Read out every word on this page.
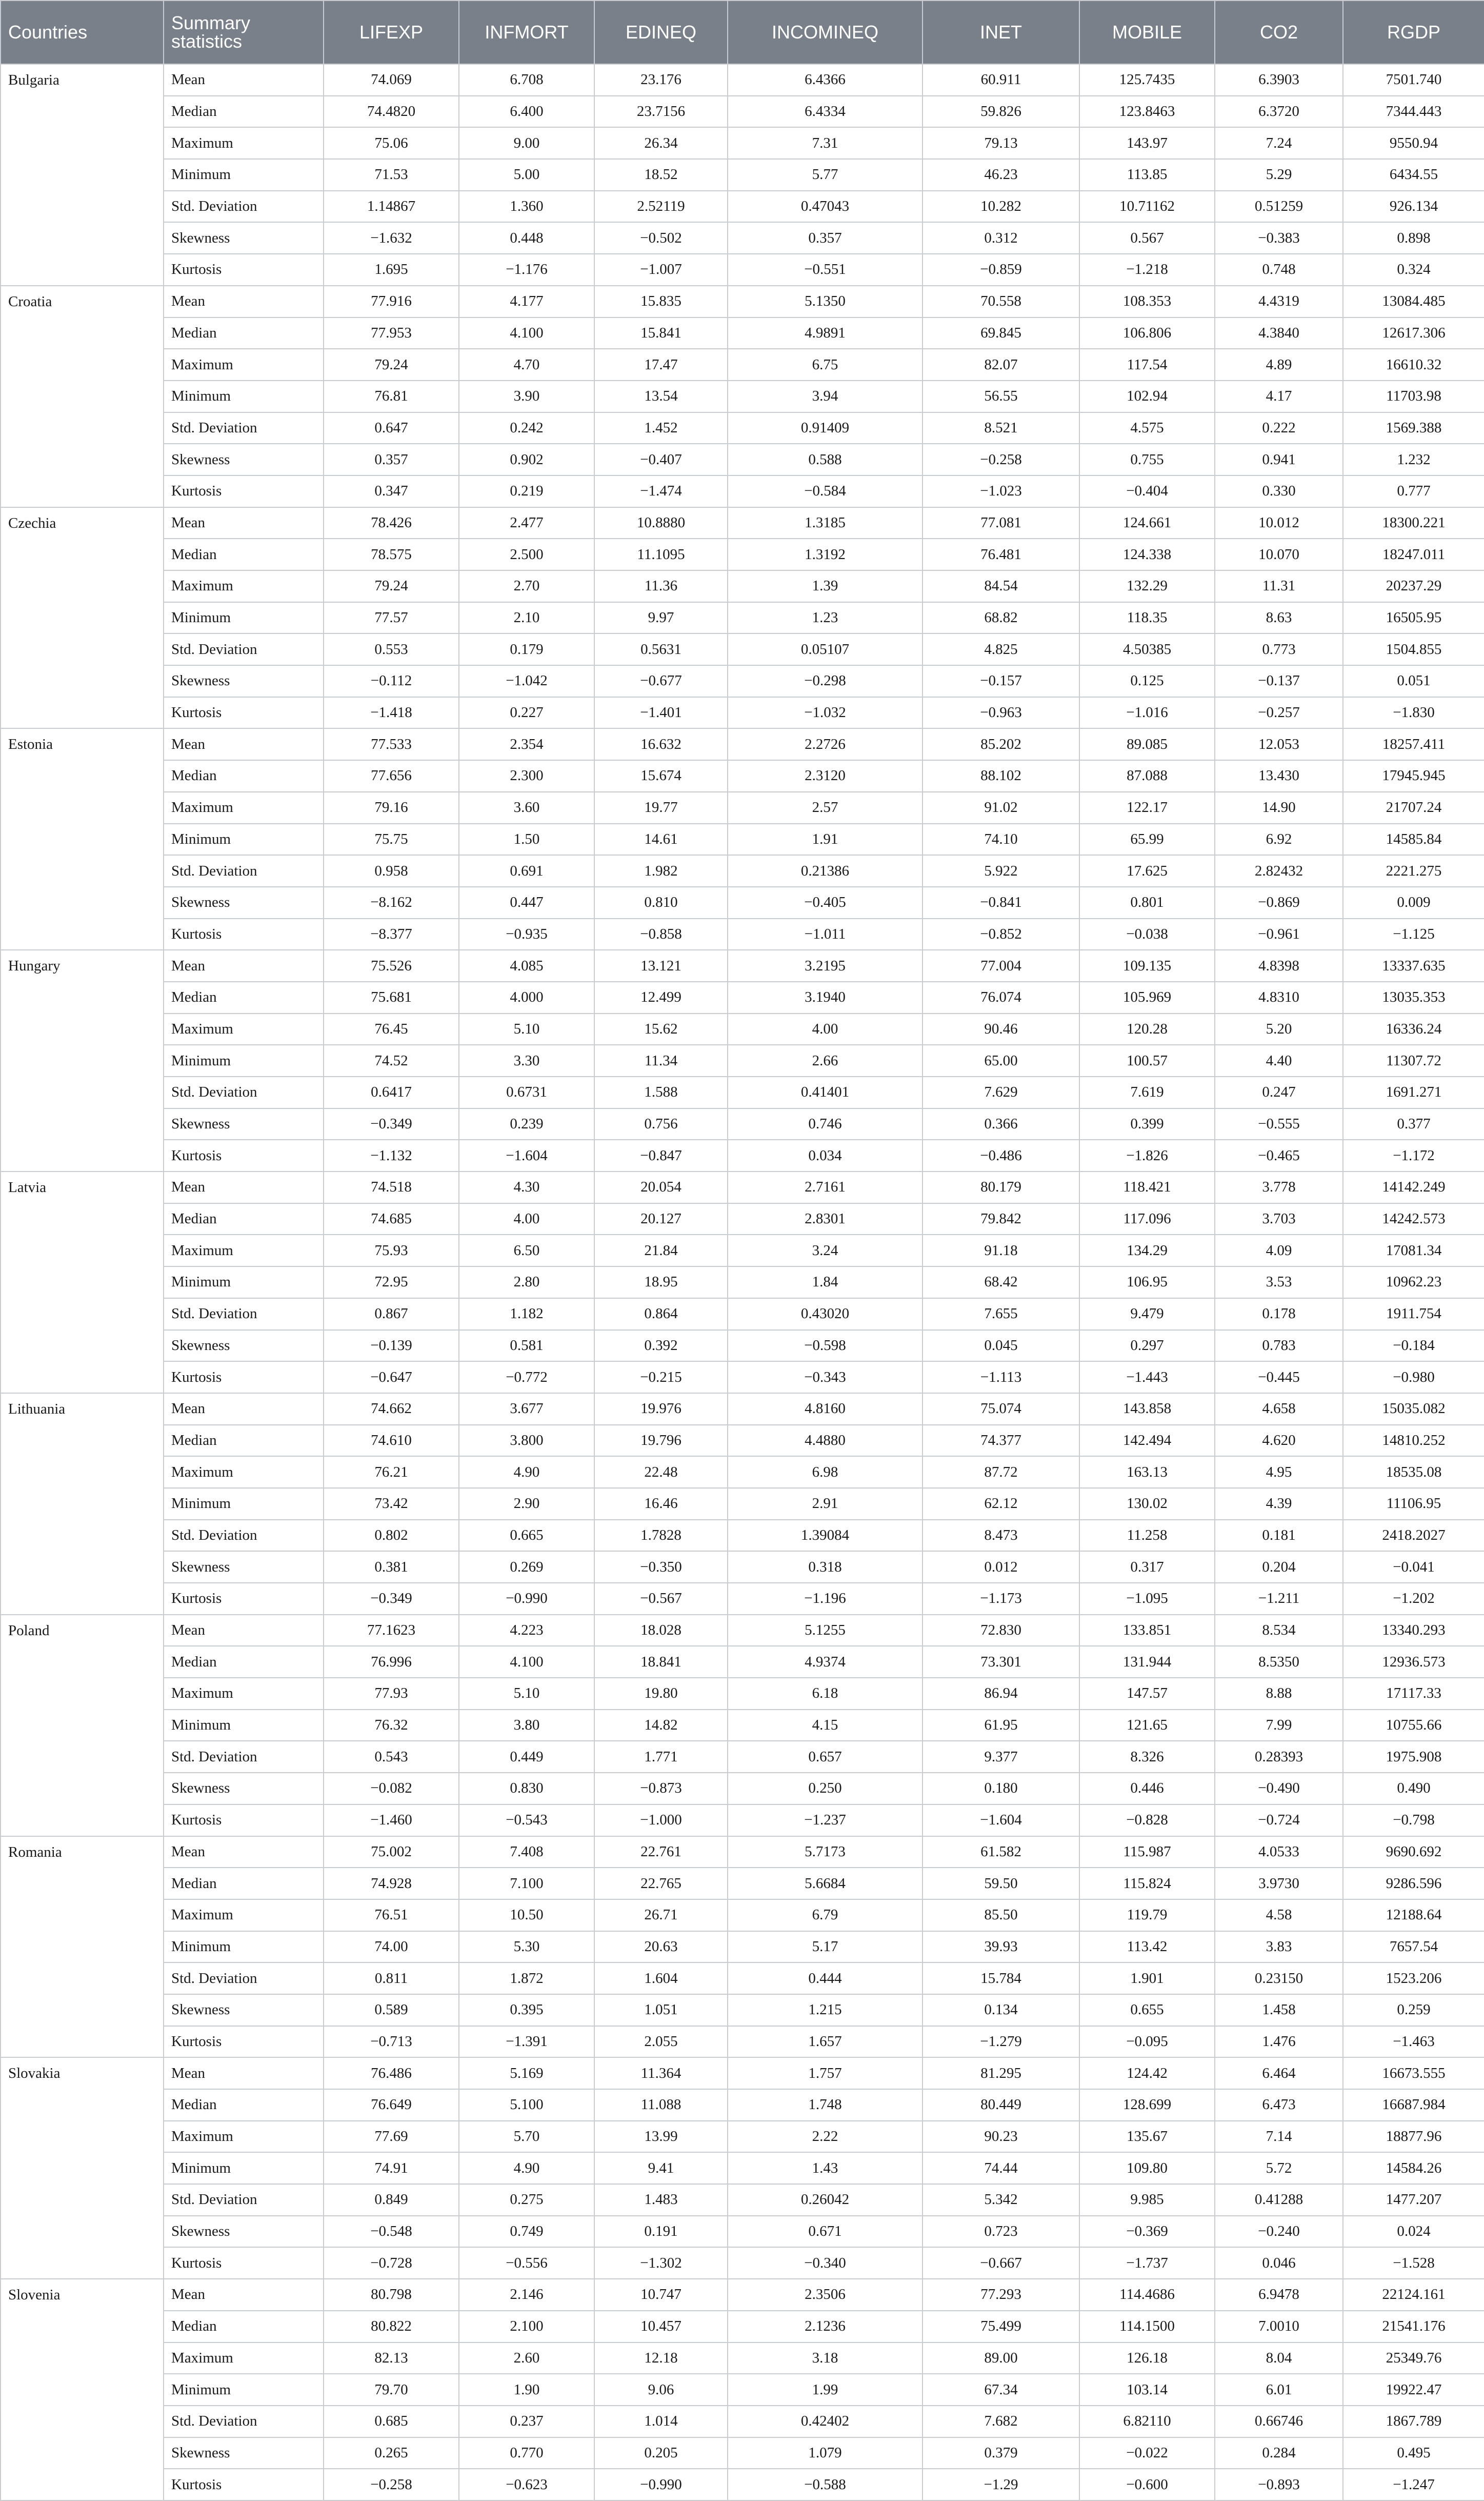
Countries	Summary statistics	LIFEXP	INFMORT	EDINEQ	INCOMINEQ	INET	MOBILE	CO2	RGDP
Bulgaria	Mean	74.069	6.708	23.176	6.4366	60.911	125.7435	6.3903	7501.740
	Median	74.4820	6.400	23.7156	6.4334	59.826	123.8463	6.3720	7344.443
	Maximum	75.06	9.00	26.34	7.31	79.13	143.97	7.24	9550.94
	Minimum	71.53	5.00	18.52	5.77	46.23	113.85	5.29	6434.55
	Std. Deviation	1.14867	1.360	2.52119	0.47043	10.282	10.71162	0.51259	926.134
	Skewness	−1.632	0.448	−0.502	0.357	0.312	0.567	−0.383	0.898
	Kurtosis	1.695	−1.176	−1.007	−0.551	−0.859	−1.218	0.748	0.324
Croatia	Mean	77.916	4.177	15.835	5.1350	70.558	108.353	4.4319	13084.485
	Median	77.953	4.100	15.841	4.9891	69.845	106.806	4.3840	12617.306
	Maximum	79.24	4.70	17.47	6.75	82.07	117.54	4.89	16610.32
	Minimum	76.81	3.90	13.54	3.94	56.55	102.94	4.17	11703.98
	Std. Deviation	0.647	0.242	1.452	0.91409	8.521	4.575	0.222	1569.388
	Skewness	0.357	0.902	−0.407	0.588	−0.258	0.755	0.941	1.232
	Kurtosis	0.347	0.219	−1.474	−0.584	−1.023	−0.404	0.330	0.777
Czechia	Mean	78.426	2.477	10.8880	1.3185	77.081	124.661	10.012	18300.221
	Median	78.575	2.500	11.1095	1.3192	76.481	124.338	10.070	18247.011
	Maximum	79.24	2.70	11.36	1.39	84.54	132.29	11.31	20237.29
	Minimum	77.57	2.10	9.97	1.23	68.82	118.35	8.63	16505.95
	Std. Deviation	0.553	0.179	0.5631	0.05107	4.825	4.50385	0.773	1504.855
	Skewness	−0.112	−1.042	−0.677	−0.298	−0.157	0.125	−0.137	0.051
	Kurtosis	−1.418	0.227	−1.401	−1.032	−0.963	−1.016	−0.257	−1.830
Estonia	Mean	77.533	2.354	16.632	2.2726	85.202	89.085	12.053	18257.411
	Median	77.656	2.300	15.674	2.3120	88.102	87.088	13.430	17945.945
	Maximum	79.16	3.60	19.77	2.57	91.02	122.17	14.90	21707.24
	Minimum	75.75	1.50	14.61	1.91	74.10	65.99	6.92	14585.84
	Std. Deviation	0.958	0.691	1.982	0.21386	5.922	17.625	2.82432	2221.275
	Skewness	−8.162	0.447	0.810	−0.405	−0.841	0.801	−0.869	0.009
	Kurtosis	−8.377	−0.935	−0.858	−1.011	−0.852	−0.038	−0.961	−1.125
Hungary	Mean	75.526	4.085	13.121	3.2195	77.004	109.135	4.8398	13337.635
	Median	75.681	4.000	12.499	3.1940	76.074	105.969	4.8310	13035.353
	Maximum	76.45	5.10	15.62	4.00	90.46	120.28	5.20	16336.24
	Minimum	74.52	3.30	11.34	2.66	65.00	100.57	4.40	11307.72
	Std. Deviation	0.6417	0.6731	1.588	0.41401	7.629	7.619	0.247	1691.271
	Skewness	−0.349	0.239	0.756	0.746	0.366	0.399	−0.555	0.377
	Kurtosis	−1.132	−1.604	−0.847	0.034	−0.486	−1.826	−0.465	−1.172
Latvia	Mean	74.518	4.30	20.054	2.7161	80.179	118.421	3.778	14142.249
	Median	74.685	4.00	20.127	2.8301	79.842	117.096	3.703	14242.573
	Maximum	75.93	6.50	21.84	3.24	91.18	134.29	4.09	17081.34
	Minimum	72.95	2.80	18.95	1.84	68.42	106.95	3.53	10962.23
	Std. Deviation	0.867	1.182	0.864	0.43020	7.655	9.479	0.178	1911.754
	Skewness	−0.139	0.581	0.392	−0.598	0.045	0.297	0.783	−0.184
	Kurtosis	−0.647	−0.772	−0.215	−0.343	−1.113	−1.443	−0.445	−0.980
Lithuania	Mean	74.662	3.677	19.976	4.8160	75.074	143.858	4.658	15035.082
	Median	74.610	3.800	19.796	4.4880	74.377	142.494	4.620	14810.252
	Maximum	76.21	4.90	22.48	6.98	87.72	163.13	4.95	18535.08
	Minimum	73.42	2.90	16.46	2.91	62.12	130.02	4.39	11106.95
	Std. Deviation	0.802	0.665	1.7828	1.39084	8.473	11.258	0.181	2418.2027
	Skewness	0.381	0.269	−0.350	0.318	0.012	0.317	0.204	−0.041
	Kurtosis	−0.349	−0.990	−0.567	−1.196	−1.173	−1.095	−1.211	−1.202
Poland	Mean	77.1623	4.223	18.028	5.1255	72.830	133.851	8.534	13340.293
	Median	76.996	4.100	18.841	4.9374	73.301	131.944	8.5350	12936.573
	Maximum	77.93	5.10	19.80	6.18	86.94	147.57	8.88	17117.33
	Minimum	76.32	3.80	14.82	4.15	61.95	121.65	7.99	10755.66
	Std. Deviation	0.543	0.449	1.771	0.657	9.377	8.326	0.28393	1975.908
	Skewness	−0.082	0.830	−0.873	0.250	0.180	0.446	−0.490	0.490
	Kurtosis	−1.460	−0.543	−1.000	−1.237	−1.604	−0.828	−0.724	−0.798
Romania	Mean	75.002	7.408	22.761	5.7173	61.582	115.987	4.0533	9690.692
	Median	74.928	7.100	22.765	5.6684	59.50	115.824	3.9730	9286.596
	Maximum	76.51	10.50	26.71	6.79	85.50	119.79	4.58	12188.64
	Minimum	74.00	5.30	20.63	5.17	39.93	113.42	3.83	7657.54
	Std. Deviation	0.811	1.872	1.604	0.444	15.784	1.901	0.23150	1523.206
	Skewness	0.589	0.395	1.051	1.215	0.134	0.655	1.458	0.259
	Kurtosis	−0.713	−1.391	2.055	1.657	−1.279	−0.095	1.476	−1.463
Slovakia	Mean	76.486	5.169	11.364	1.757	81.295	124.42	6.464	16673.555
	Median	76.649	5.100	11.088	1.748	80.449	128.699	6.473	16687.984
	Maximum	77.69	5.70	13.99	2.22	90.23	135.67	7.14	18877.96
	Minimum	74.91	4.90	9.41	1.43	74.44	109.80	5.72	14584.26
	Std. Deviation	0.849	0.275	1.483	0.26042	5.342	9.985	0.41288	1477.207
	Skewness	−0.548	0.749	0.191	0.671	0.723	−0.369	−0.240	0.024
	Kurtosis	−0.728	−0.556	−1.302	−0.340	−0.667	−1.737	0.046	−1.528
Slovenia	Mean	80.798	2.146	10.747	2.3506	77.293	114.4686	6.9478	22124.161
	Median	80.822	2.100	10.457	2.1236	75.499	114.1500	7.0010	21541.176
	Maximum	82.13	2.60	12.18	3.18	89.00	126.18	8.04	25349.76
	Minimum	79.70	1.90	9.06	1.99	67.34	103.14	6.01	19922.47
	Std. Deviation	0.685	0.237	1.014	0.42402	7.682	6.82110	0.66746	1867.789
	Skewness	0.265	0.770	0.205	1.079	0.379	−0.022	0.284	0.495
	Kurtosis	−0.258	−0.623	−0.990	−0.588	−1.29	−0.600	−0.893	−1.247
